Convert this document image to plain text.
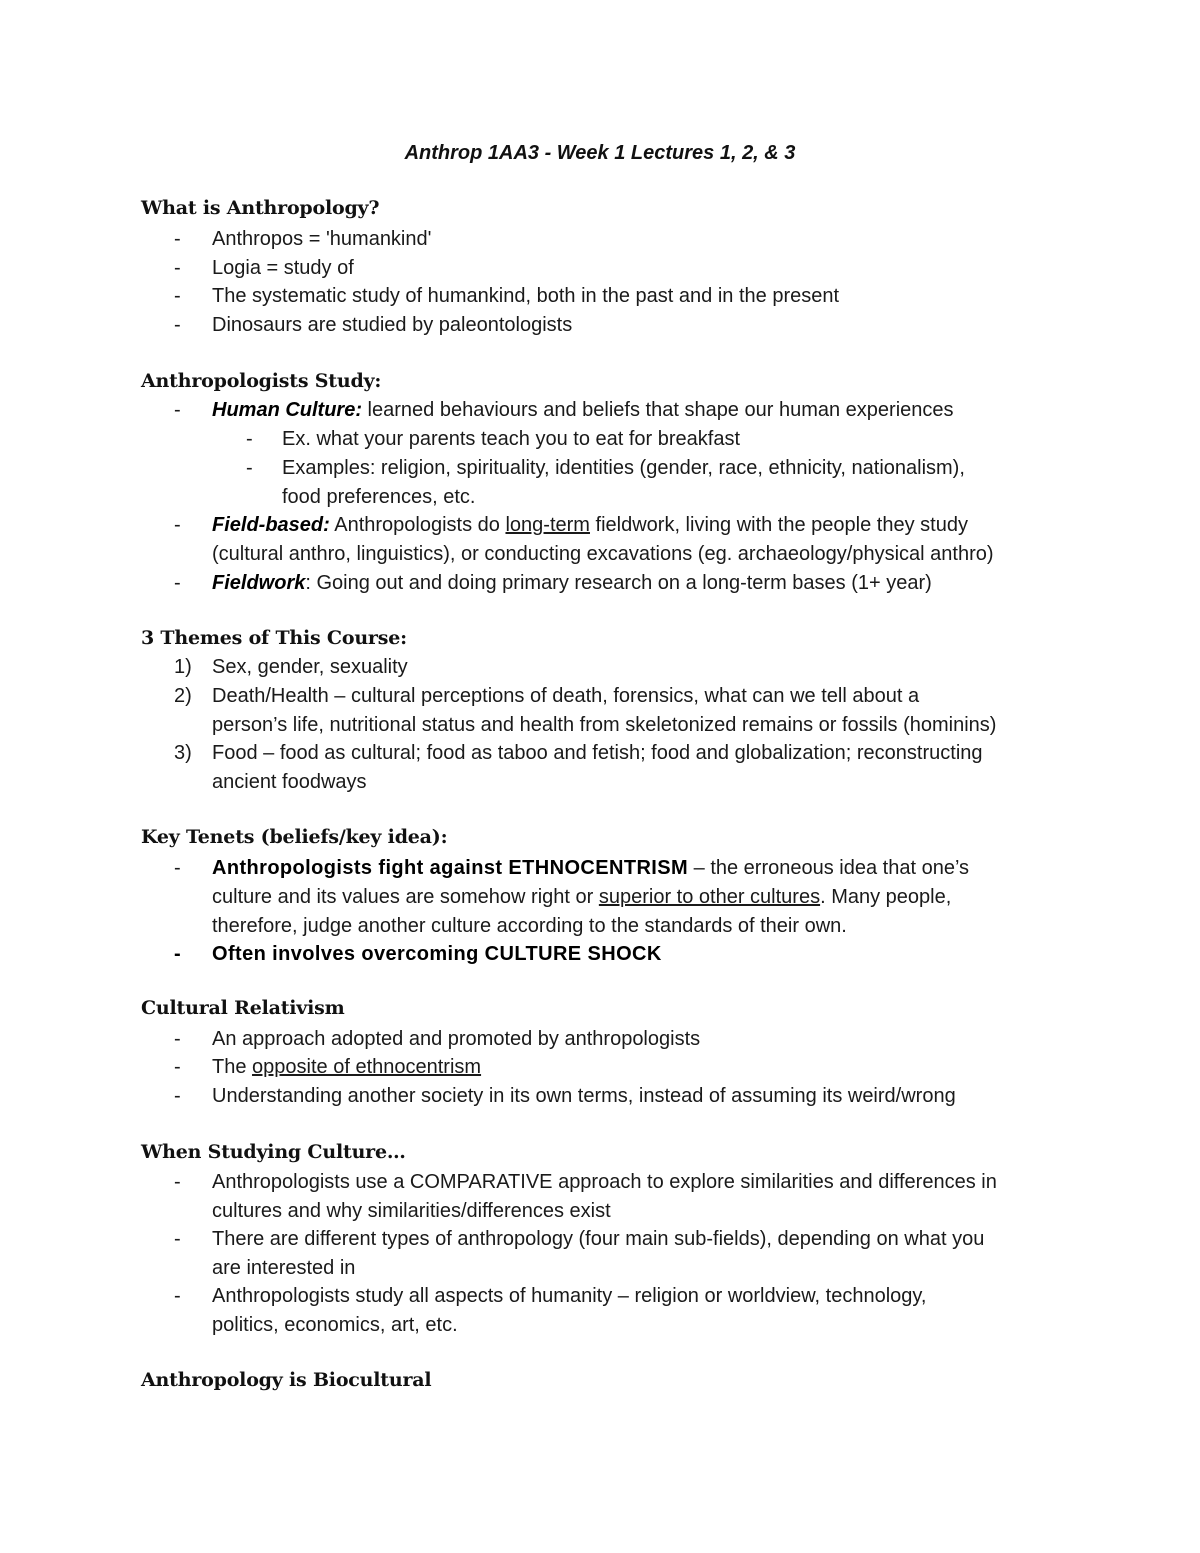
Anthrop 1AA3 - Week 1 Lectures 1, 2, & 3
What is Anthropology?
- Anthropos = 'humankind'
- Logia = study of
- The systematic study of humankind, both in the past and in the present
- Dinosaurs are studied by paleontologists
Anthropologists Study:
- Human Culture: learned behaviours and beliefs that shape our human experiences
- Ex. what your parents teach you to eat for breakfast
- Examples: religion, spirituality, identities (gender, race, ethnicity, nationalism),
food preferences, etc.
- Field-based: Anthropologists do long-term fieldwork, living with the people they study
(cultural anthro, linguistics), or conducting excavations (eg. archaeology/physical anthro)
- Fieldwork: Going out and doing primary research on a long-term bases (1+ year)
3 Themes of This Course:
1) Sex, gender, sexuality
2) Death/Health – cultural perceptions of death, forensics, what can we tell about a
person’s life, nutritional status and health from skeletonized remains or fossils (hominins)
3) Food – food as cultural; food as taboo and fetish; food and globalization; reconstructing
ancient foodways
Key Tenets (beliefs/key idea):
- Anthropologists fight against ETHNOCENTRISM – the erroneous idea that one’s
culture and its values are somehow right or superior to other cultures. Many people,
therefore, judge another culture according to the standards of their own.
- Often involves overcoming CULTURE SHOCK
Cultural Relativism
- An approach adopted and promoted by anthropologists
- The opposite of ethnocentrism
- Understanding another society in its own terms, instead of assuming its weird/wrong
When Studying Culture…
- Anthropologists use a COMPARATIVE approach to explore similarities and differences in
cultures and why similarities/differences exist
- There are different types of anthropology (four main sub-fields), depending on what you
are interested in
- Anthropologists study all aspects of humanity – religion or worldview, technology,
politics, economics, art, etc.
Anthropology is Biocultural
